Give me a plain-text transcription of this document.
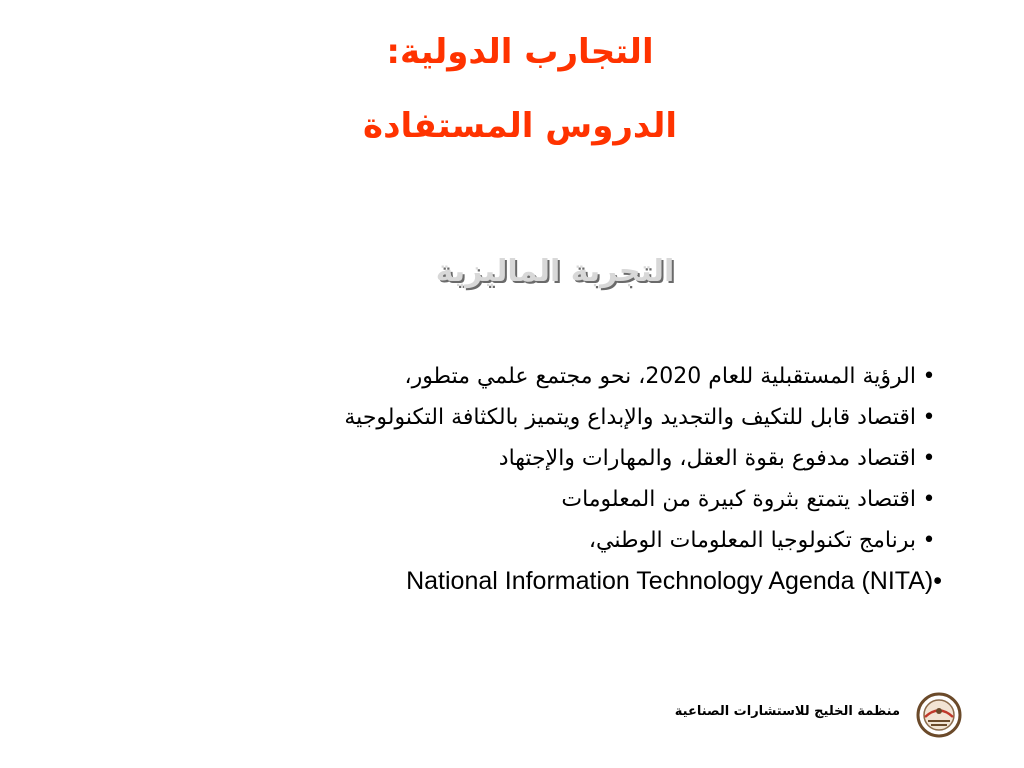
التجارب الدولية:
الدروس المستفادة
التجربة الماليزية
•الرؤية المستقبلية للعام 2020، نحو مجتمع علمي متطور،
•اقتصاد قابل للتكيف والتجديد والإبداع ويتميز بالكثافة التكنولوجية
•اقتصاد مدفوع بقوة العقل، والمهارات والإجتهاد
•اقتصاد يتمتع بثروة كبيرة من المعلومات
•برنامج تكنولوجيا المعلومات الوطني،
National Information Technology Agenda (NITA)•
منظمة الخليج للاستشارات الصناعية
